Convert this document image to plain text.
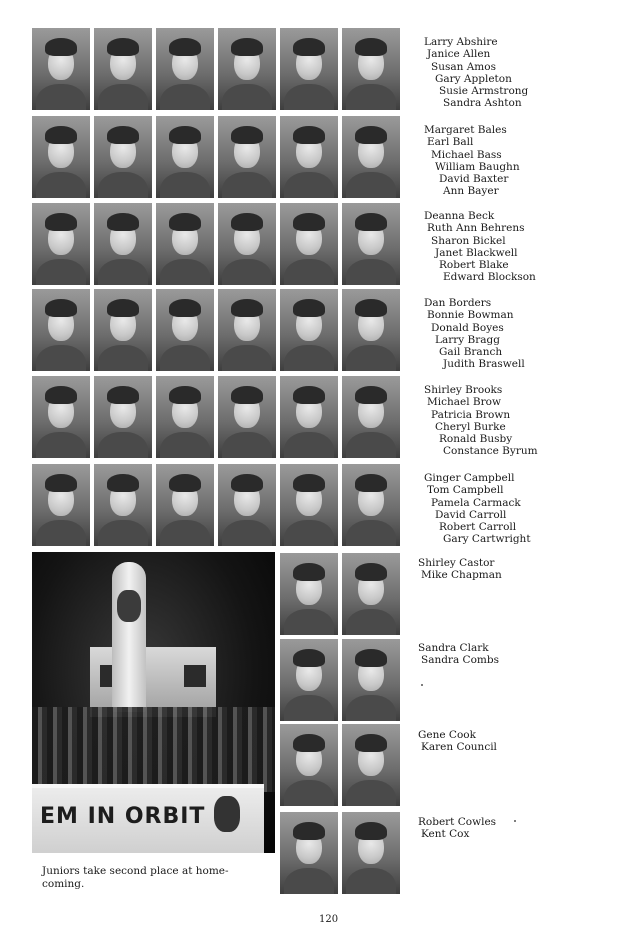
EM IN ORBIT
Juniors take second place at home-coming.
120
Larry Abshire
Janice Allen
Susan Amos
Gary Appleton
Susie Armstrong
Sandra Ashton
Margaret Bales
Earl Ball
Michael Bass
William Baughn
David Baxter
Ann Bayer
Deanna Beck
Ruth Ann Behrens
Sharon Bickel
Janet Blackwell
Robert Blake
Edward Blockson
Dan Borders
Bonnie Bowman
Donald Boyes
Larry Bragg
Gail Branch
Judith Braswell
Shirley Brooks
Michael Brow
Patricia Brown
Cheryl Burke
Ronald Busby
Constance Byrum
Ginger Campbell
Tom Campbell
Pamela Carmack
David Carroll
Robert Carroll
Gary Cartwright
Shirley Castor
Mike Chapman
Sandra Clark
Sandra Combs
Gene Cook
Karen Council
Robert Cowles
Kent Cox
